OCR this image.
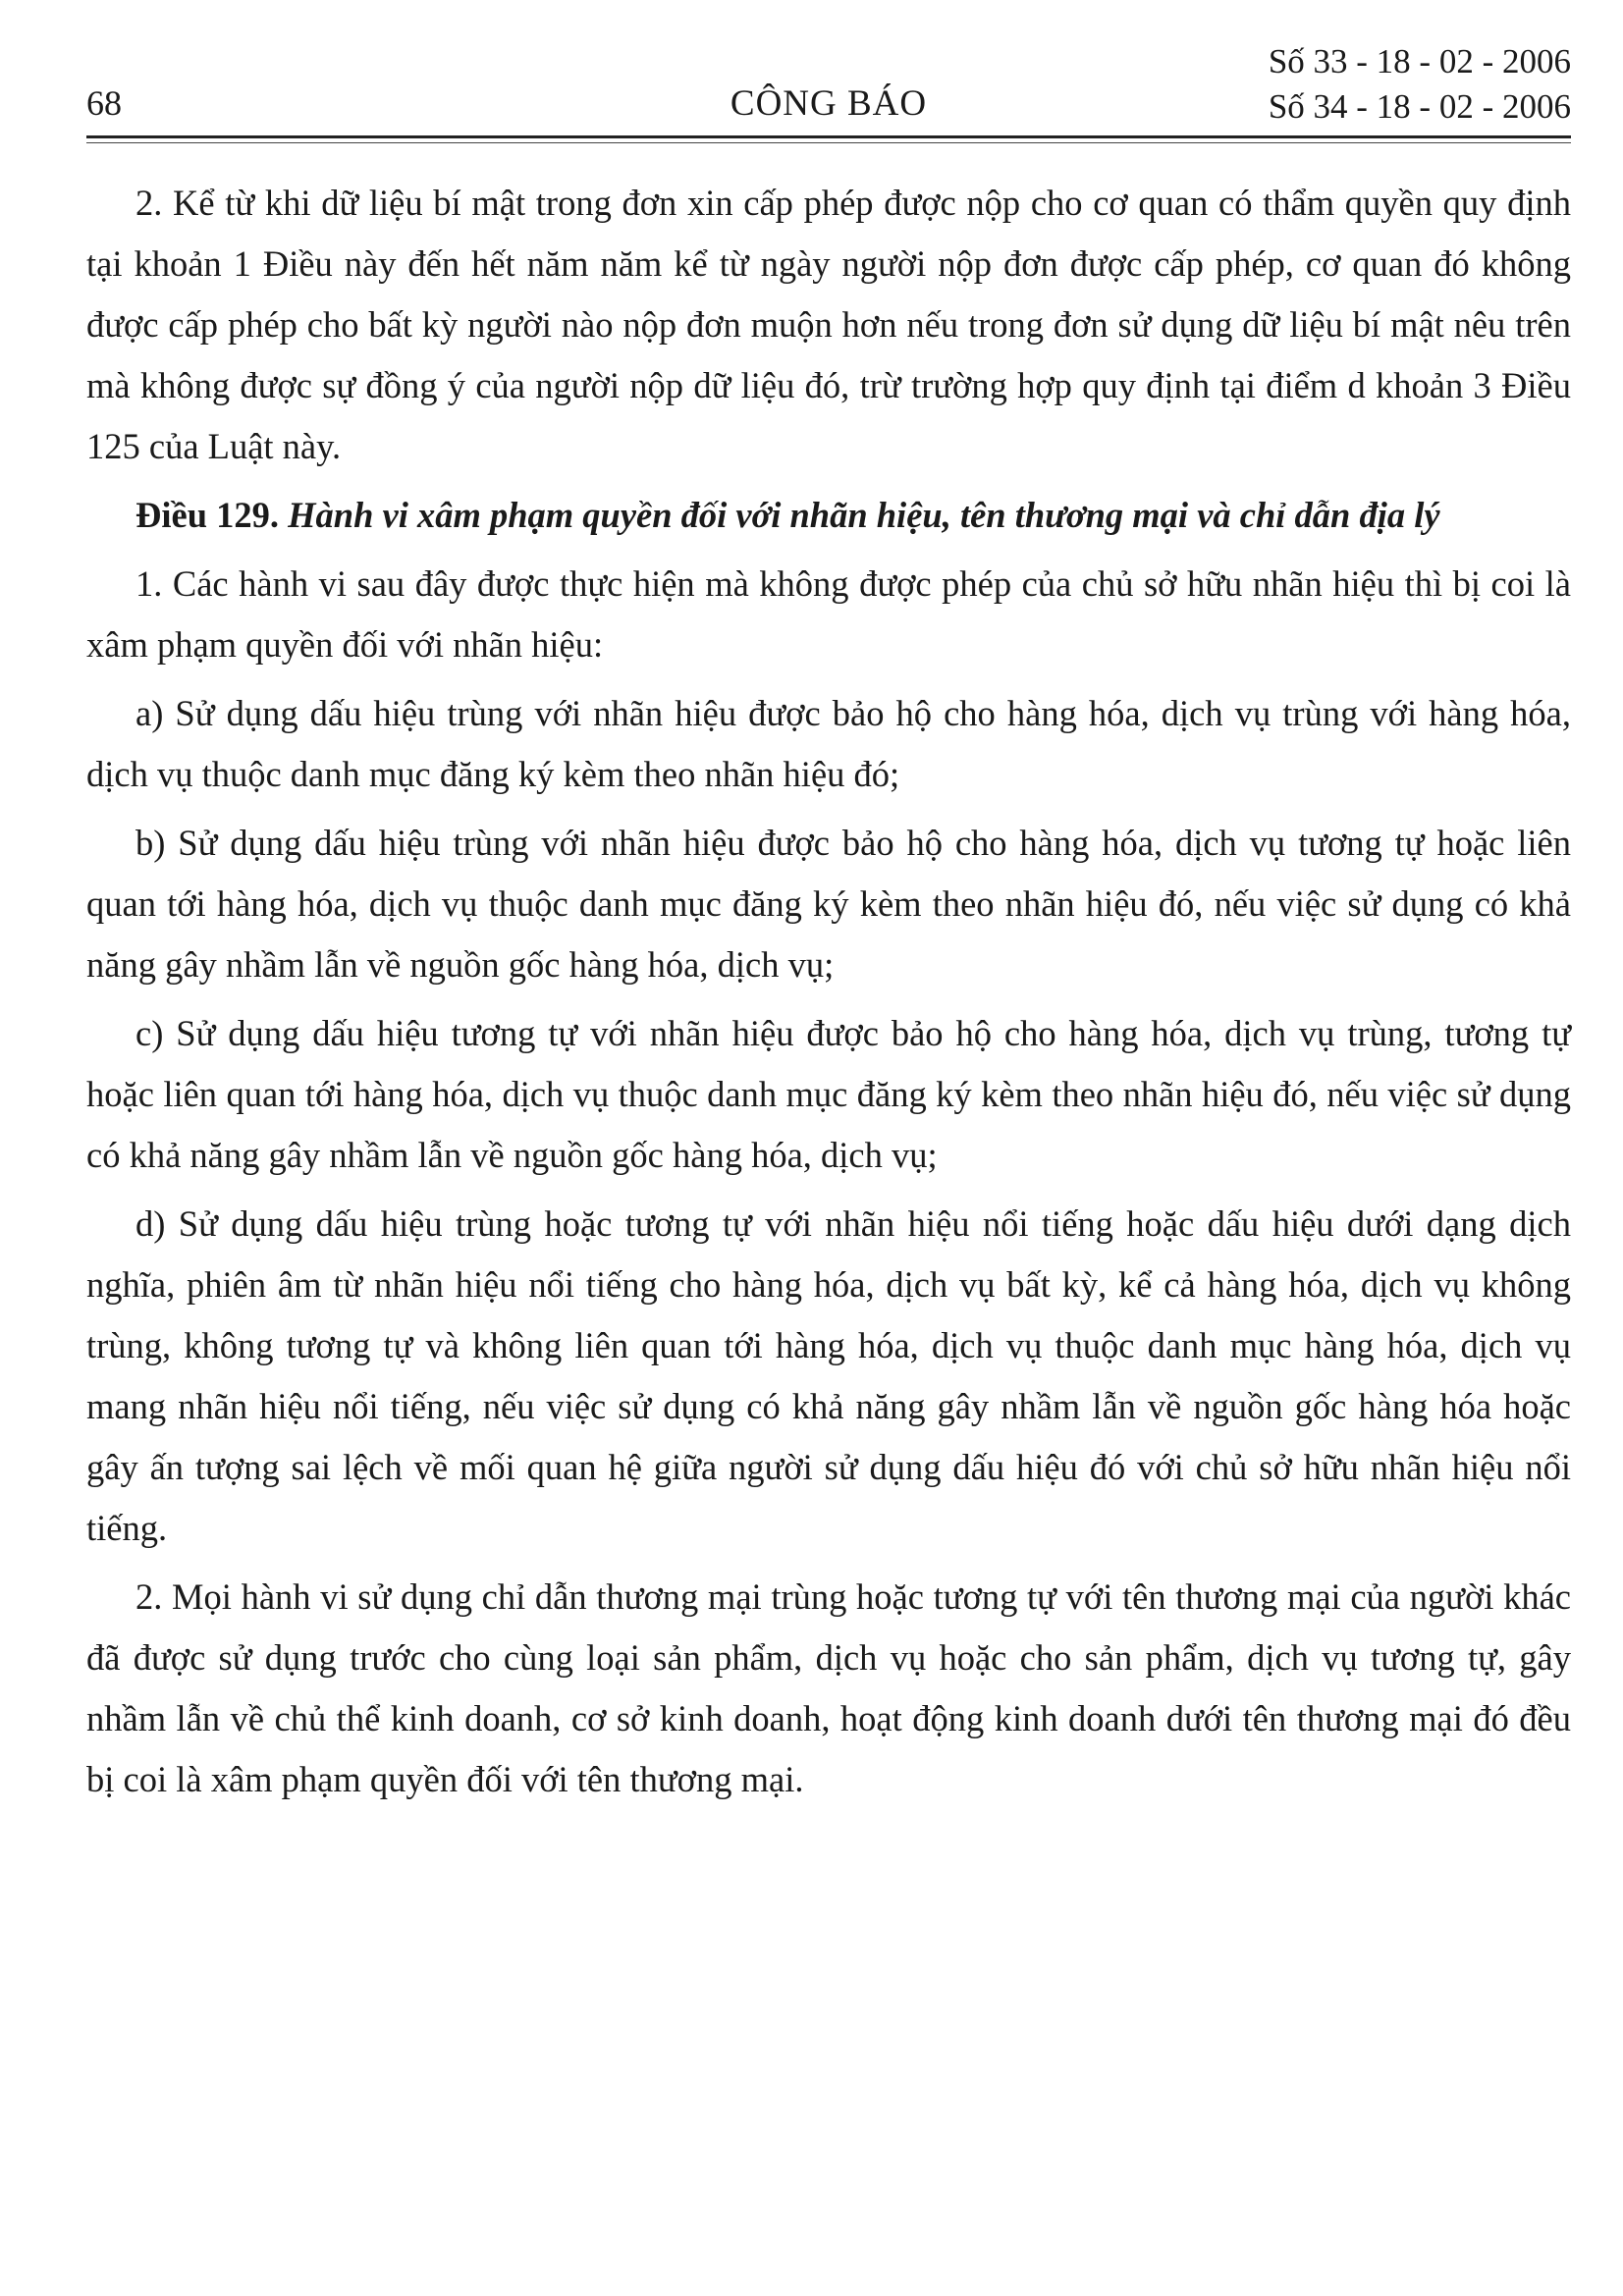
68	CÔNG BÁO
Số 33 - 18 - 02 - 2006
Số 34 - 18 - 02 - 2006

2. Kể từ khi dữ liệu bí mật trong đơn xin cấp phép được nộp cho cơ quan có thẩm quyền quy định tại khoản 1 Điều này đến hết năm năm kể từ ngày người nộp đơn được cấp phép, cơ quan đó không được cấp phép cho bất kỳ người nào nộp đơn muộn hơn nếu trong đơn sử dụng dữ liệu bí mật nêu trên mà không được sự đồng ý của người nộp dữ liệu đó, trừ trường hợp quy định tại điểm d khoản 3 Điều 125 của Luật này.

Điều 129. Hành vi xâm phạm quyền đối với nhãn hiệu, tên thương mại và chỉ dẫn địa lý

1. Các hành vi sau đây được thực hiện mà không được phép của chủ sở hữu nhãn hiệu thì bị coi là xâm phạm quyền đối với nhãn hiệu:

a) Sử dụng dấu hiệu trùng với nhãn hiệu được bảo hộ cho hàng hóa, dịch vụ trùng với hàng hóa, dịch vụ thuộc danh mục đăng ký kèm theo nhãn hiệu đó;

b) Sử dụng dấu hiệu trùng với nhãn hiệu được bảo hộ cho hàng hóa, dịch vụ tương tự hoặc liên quan tới hàng hóa, dịch vụ thuộc danh mục đăng ký kèm theo nhãn hiệu đó, nếu việc sử dụng có khả năng gây nhầm lẫn về nguồn gốc hàng hóa, dịch vụ;

c) Sử dụng dấu hiệu tương tự với nhãn hiệu được bảo hộ cho hàng hóa, dịch vụ trùng, tương tự hoặc liên quan tới hàng hóa, dịch vụ thuộc danh mục đăng ký kèm theo nhãn hiệu đó, nếu việc sử dụng có khả năng gây nhầm lẫn về nguồn gốc hàng hóa, dịch vụ;

d) Sử dụng dấu hiệu trùng hoặc tương tự với nhãn hiệu nổi tiếng hoặc dấu hiệu dưới dạng dịch nghĩa, phiên âm từ nhãn hiệu nổi tiếng cho hàng hóa, dịch vụ bất kỳ, kể cả hàng hóa, dịch vụ không trùng, không tương tự và không liên quan tới hàng hóa, dịch vụ thuộc danh mục hàng hóa, dịch vụ mang nhãn hiệu nổi tiếng, nếu việc sử dụng có khả năng gây nhầm lẫn về nguồn gốc hàng hóa hoặc gây ấn tượng sai lệch về mối quan hệ giữa người sử dụng dấu hiệu đó với chủ sở hữu nhãn hiệu nổi tiếng.

2. Mọi hành vi sử dụng chỉ dẫn thương mại trùng hoặc tương tự với tên thương mại của người khác đã được sử dụng trước cho cùng loại sản phẩm, dịch vụ hoặc cho sản phẩm, dịch vụ tương tự, gây nhầm lẫn về chủ thể kinh doanh, cơ sở kinh doanh, hoạt động kinh doanh dưới tên thương mại đó đều bị coi là xâm phạm quyền đối với tên thương mại.
